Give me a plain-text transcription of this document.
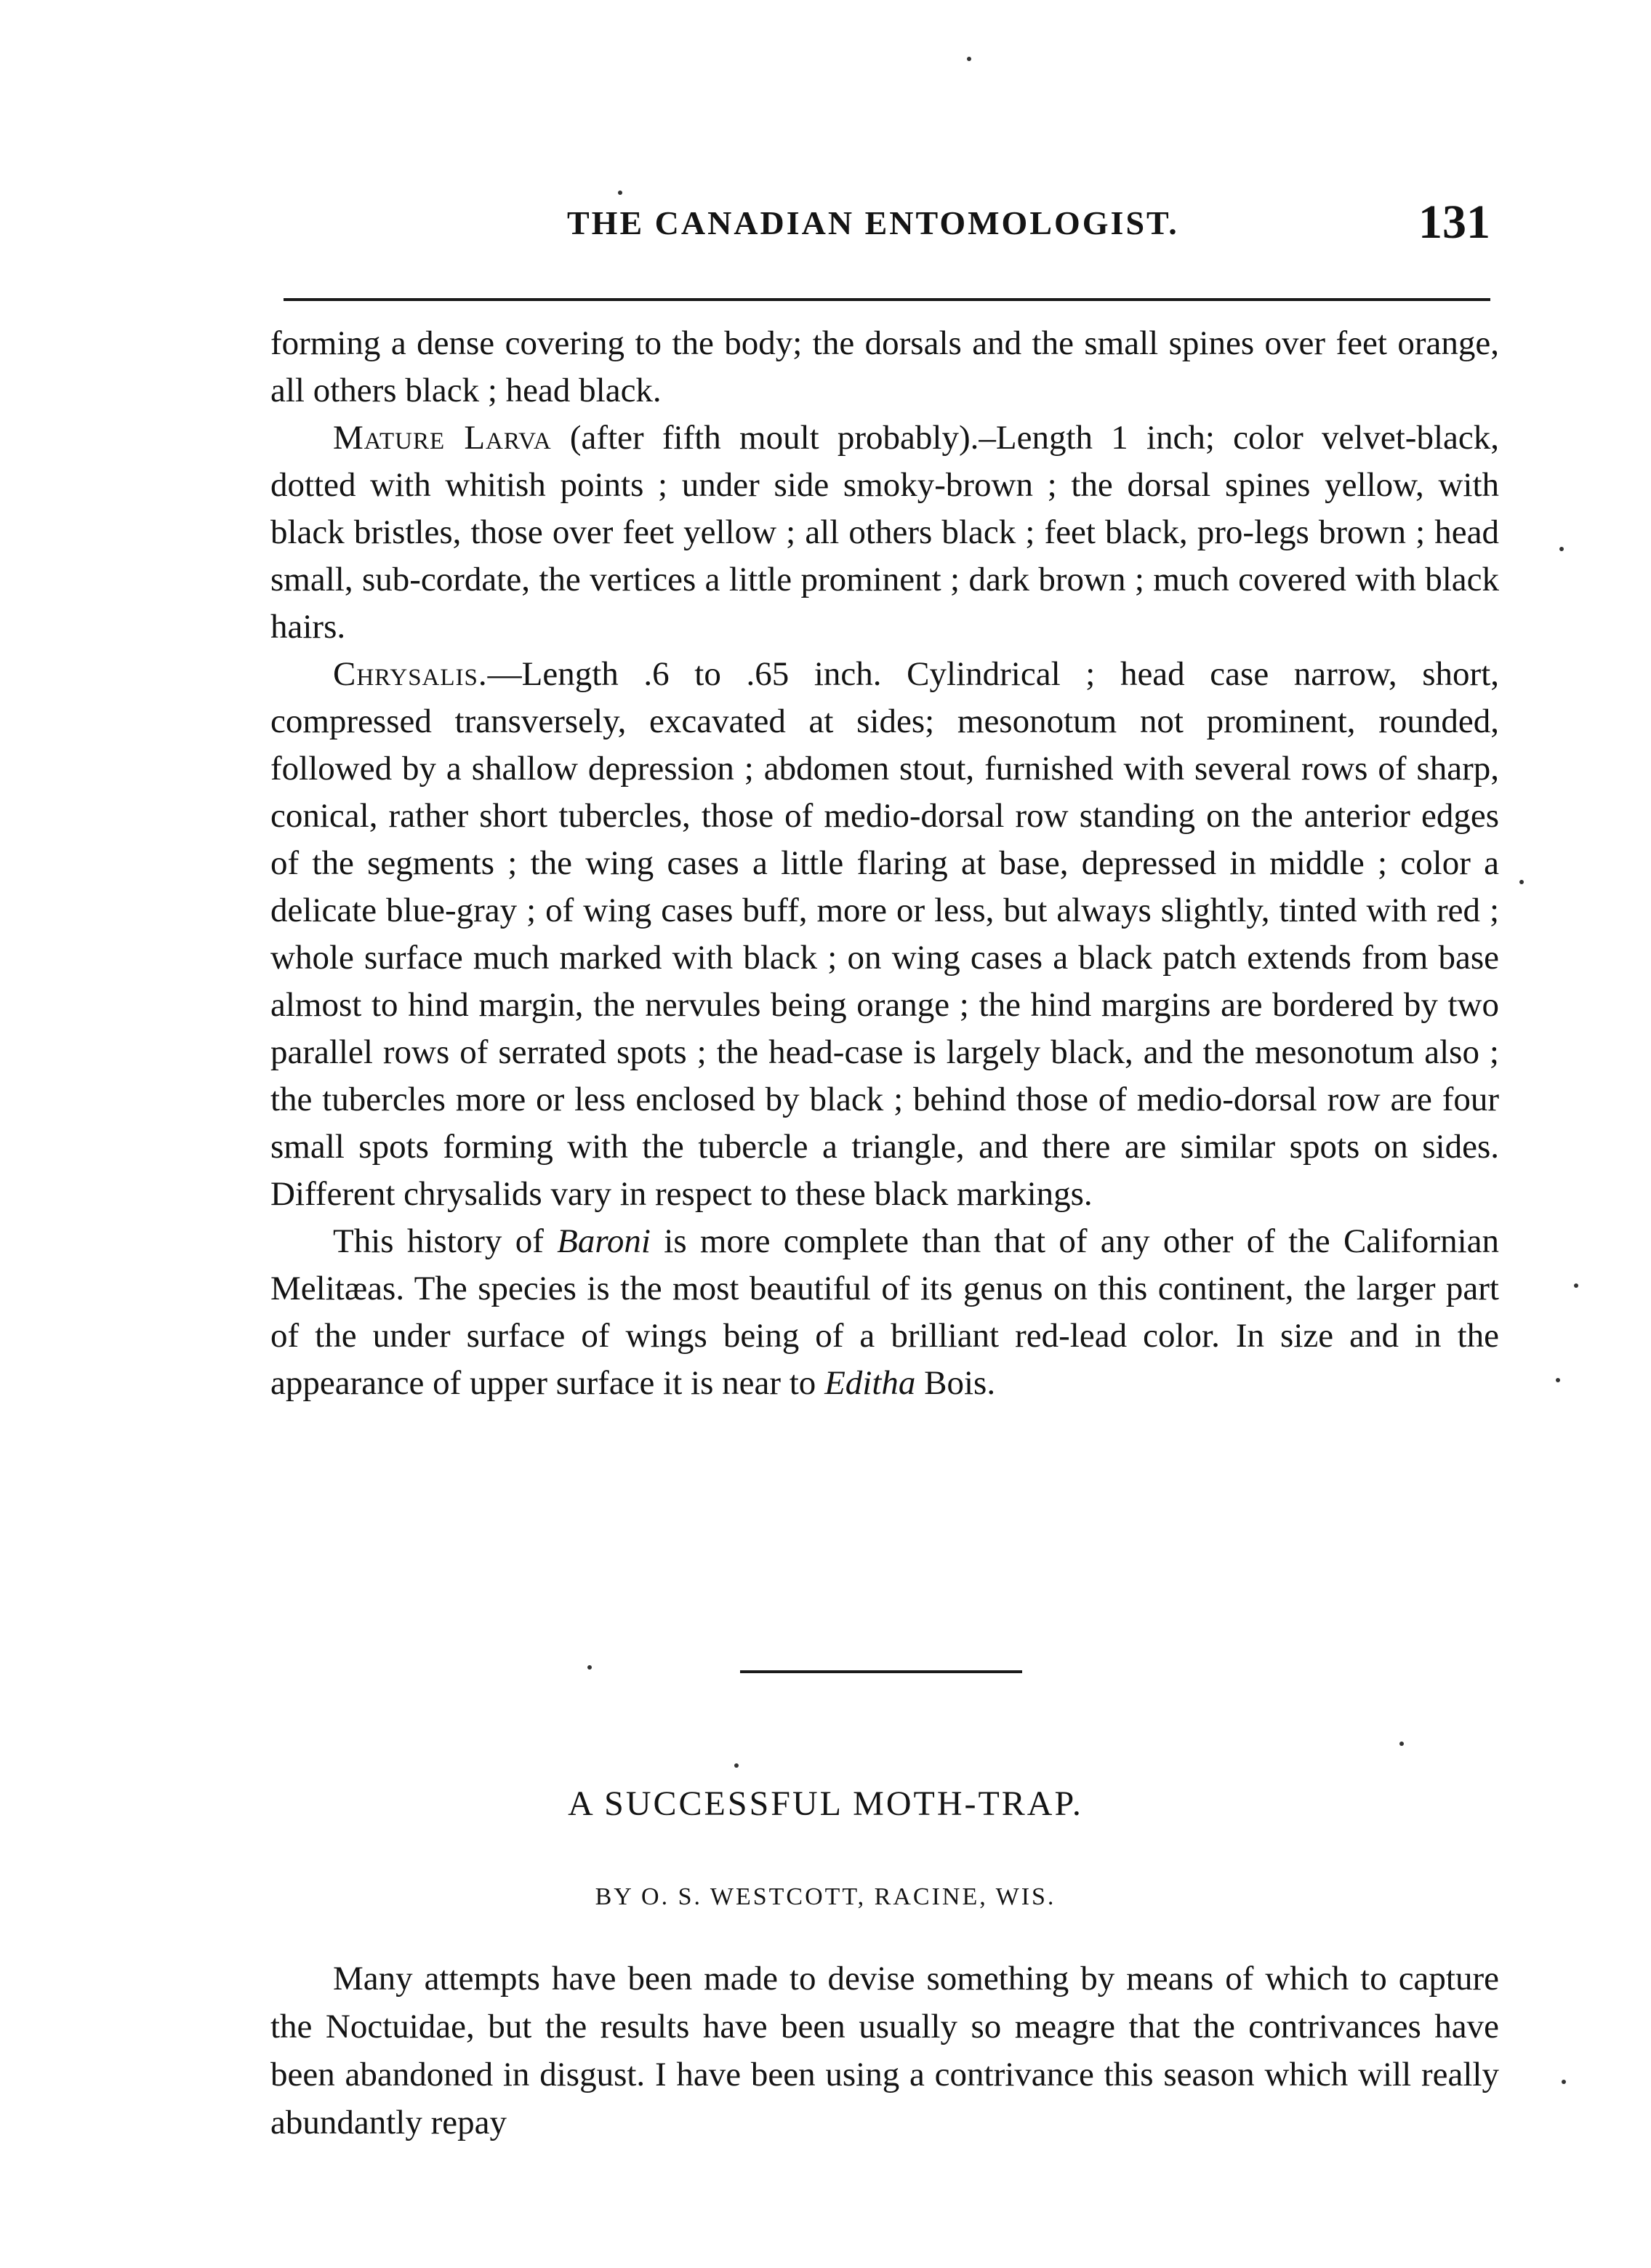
THE CANADIAN ENTOMOLOGIST.	131

forming a dense covering to the body; the dorsals and the small spines over feet orange, all others black ; head black.

Mature Larva (after fifth moult probably).–Length 1 inch; color velvet-black, dotted with whitish points ; under side smoky-brown ; the dorsal spines yellow, with black bristles, those over feet yellow ; all others black ; feet black, pro-legs brown ; head small, sub-cordate, the vertices a little prominent ; dark brown ; much covered with black hairs.

Chrysalis.—Length .6 to .65 inch. Cylindrical ; head case narrow, short, compressed transversely, excavated at sides; mesonotum not prominent, rounded, followed by a shallow depression ; abdomen stout, furnished with several rows of sharp, conical, rather short tubercles, those of medio-dorsal row standing on the anterior edges of the segments ; the wing cases a little flaring at base, depressed in middle ; color a delicate blue-gray ; of wing cases buff, more or less, but always slightly, tinted with red ; whole surface much marked with black ; on wing cases a black patch extends from base almost to hind margin, the nervules being orange ; the hind margins are bordered by two parallel rows of serrated spots ; the head-case is largely black, and the mesonotum also ; the tubercles more or less enclosed by black ; behind those of medio-dorsal row are four small spots forming with the tubercle a triangle, and there are similar spots on sides. Different chrysalids vary in respect to these black markings.

This history of Baroni is more complete than that of any other of the Californian Melitæas. The species is the most beautiful of its genus on this continent, the larger part of the under surface of wings being of a brilliant red-lead color. In size and in the appearance of upper surface it is near to Editha Bois.

A SUCCESSFUL MOTH-TRAP.
BY O. S. WESTCOTT, RACINE, WIS.

Many attempts have been made to devise something by means of which to capture the Noctuidae, but the results have been usually so meagre that the contrivances have been abandoned in disgust. I have been using a contrivance this season which will really abundantly repay
